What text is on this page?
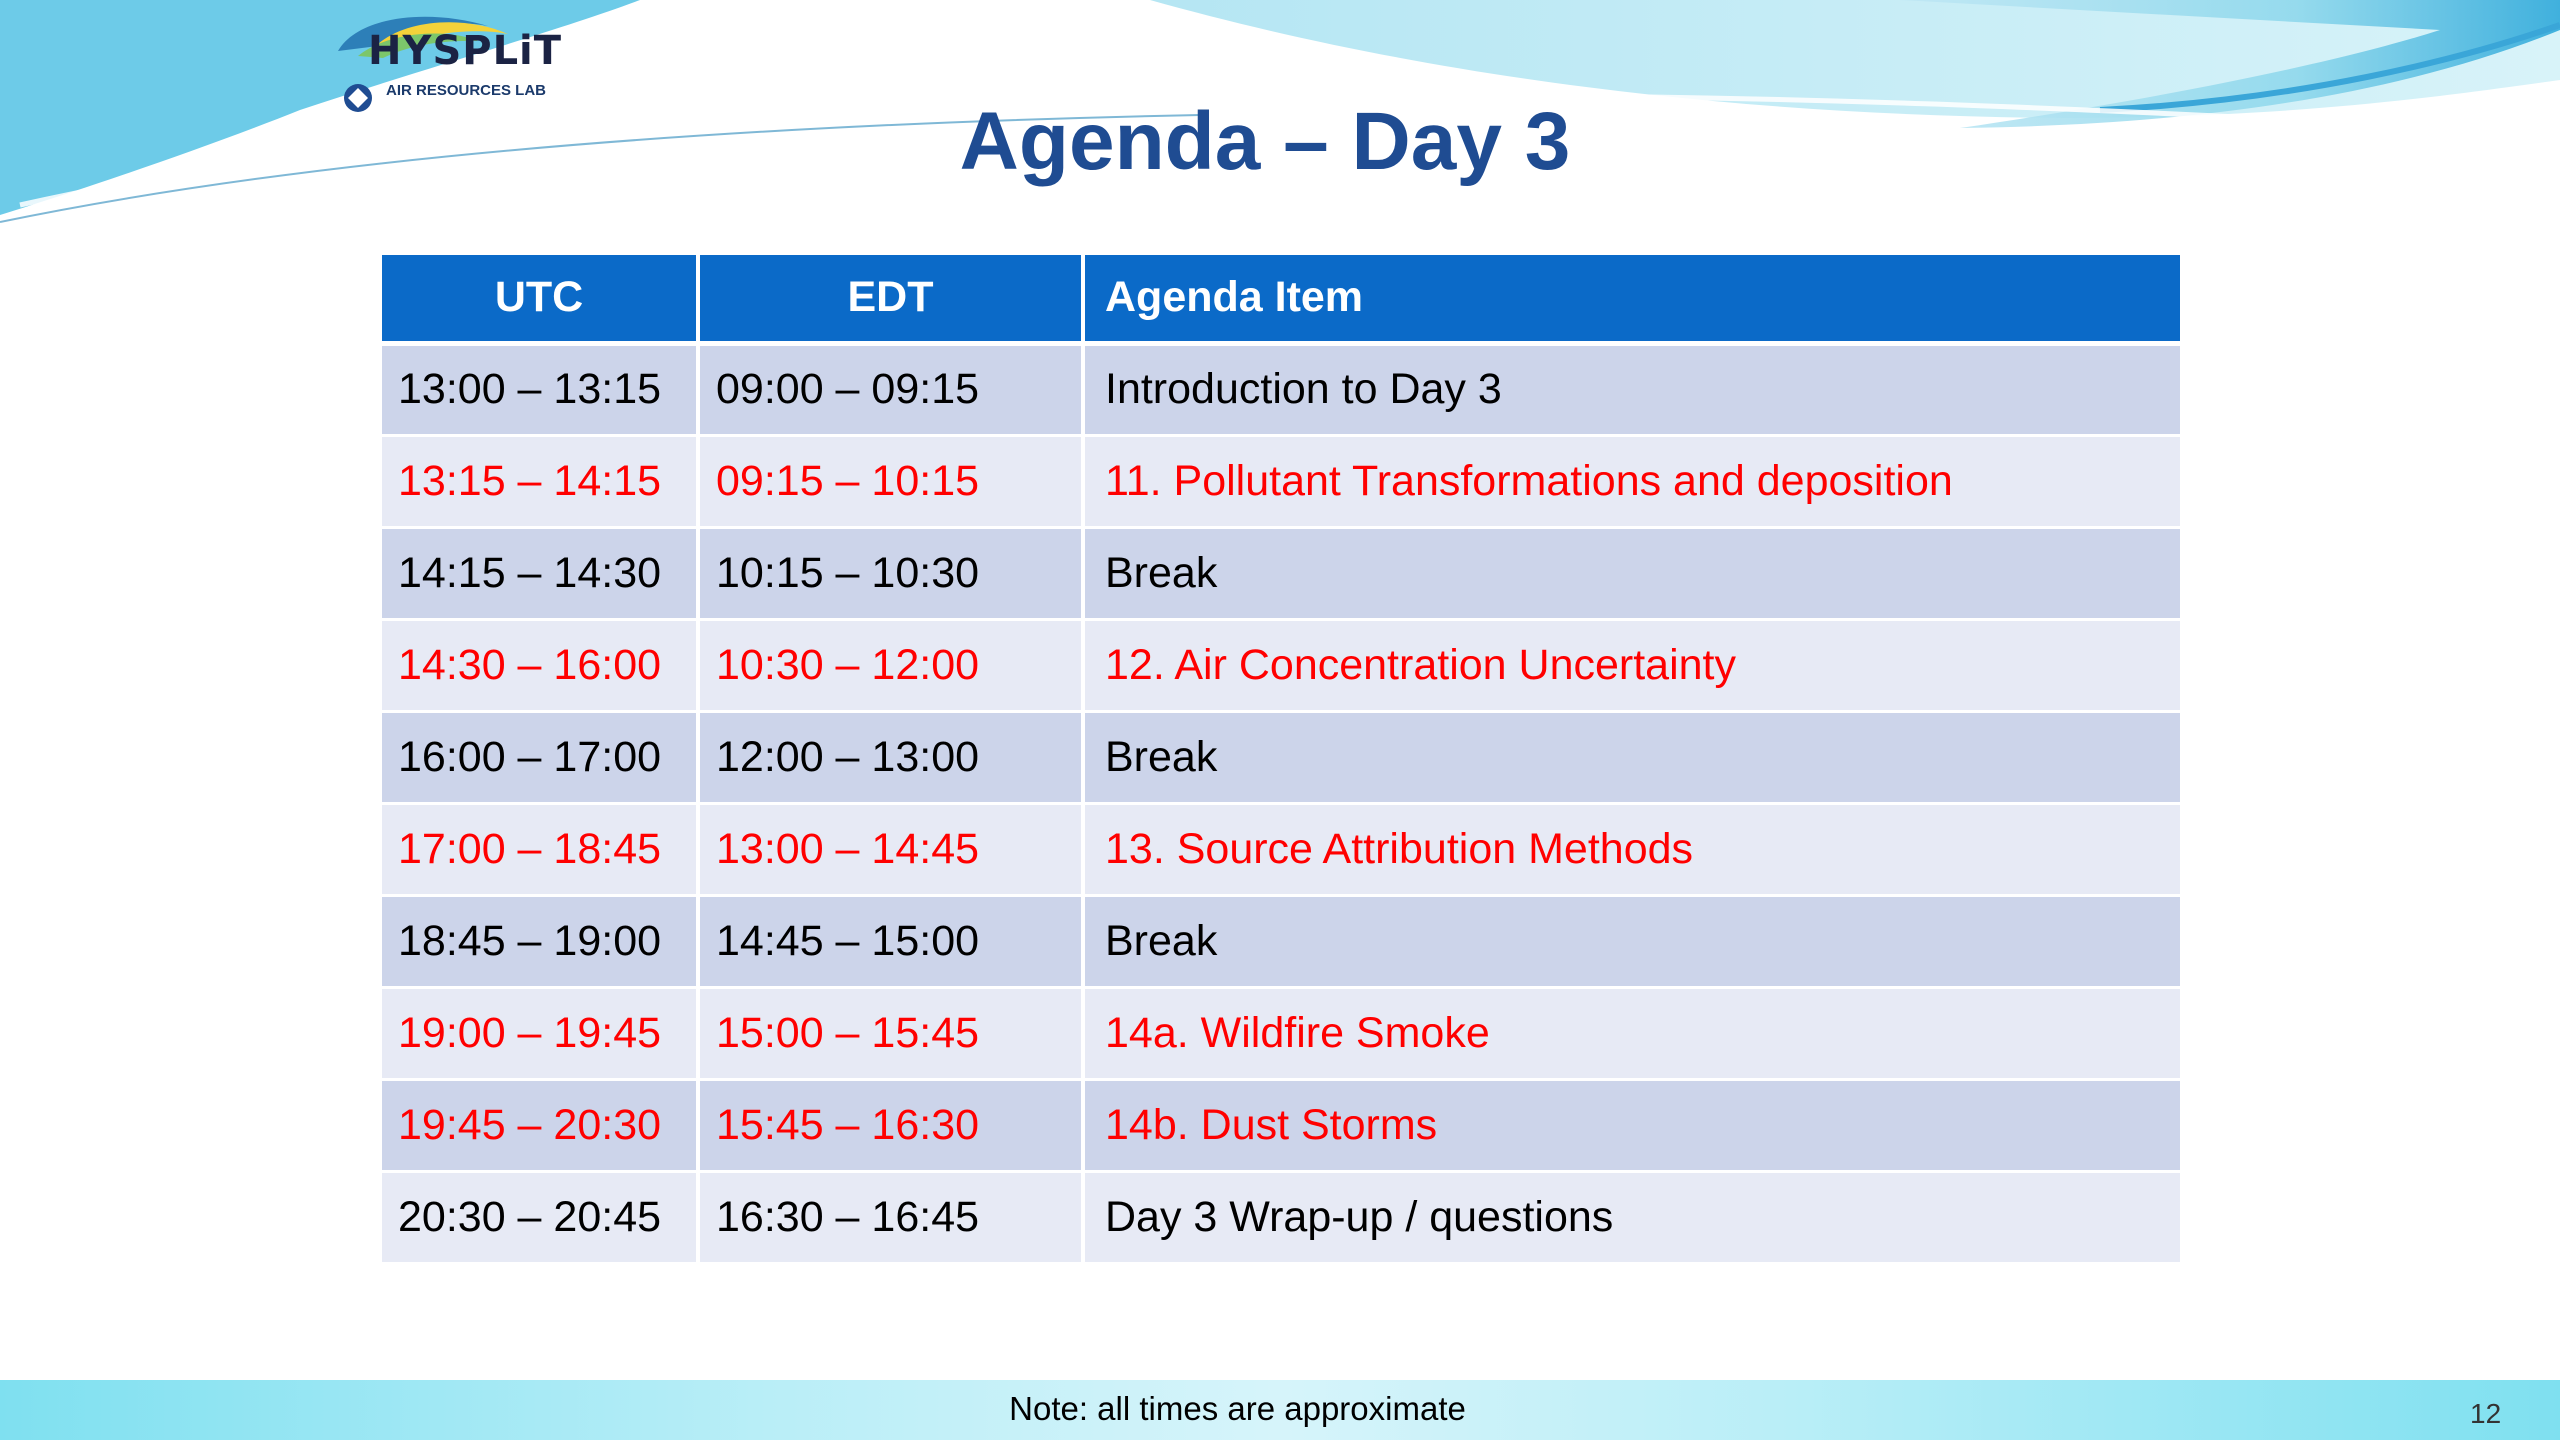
HYSPLiT
AIR RESOURCES LAB
Agenda – Day 3
UTC	EDT	Agenda Item
13:00 – 13:15	09:00 – 09:15	Introduction to Day 3
13:15 – 14:15	09:15 – 10:15	11. Pollutant Transformations and deposition
14:15 – 14:30	10:15 – 10:30	Break
14:30 – 16:00	10:30 – 12:00	12. Air Concentration Uncertainty
16:00 – 17:00	12:00 – 13:00	Break
17:00 – 18:45	13:00 – 14:45	13. Source Attribution Methods
18:45 – 19:00	14:45 – 15:00	Break
19:00 – 19:45	15:00 – 15:45	14a. Wildfire Smoke
19:45 – 20:30	15:45 – 16:30	14b. Dust Storms
20:30 – 20:45	16:30 – 16:45	Day 3 Wrap-up / questions
Note: all times are approximate	12
